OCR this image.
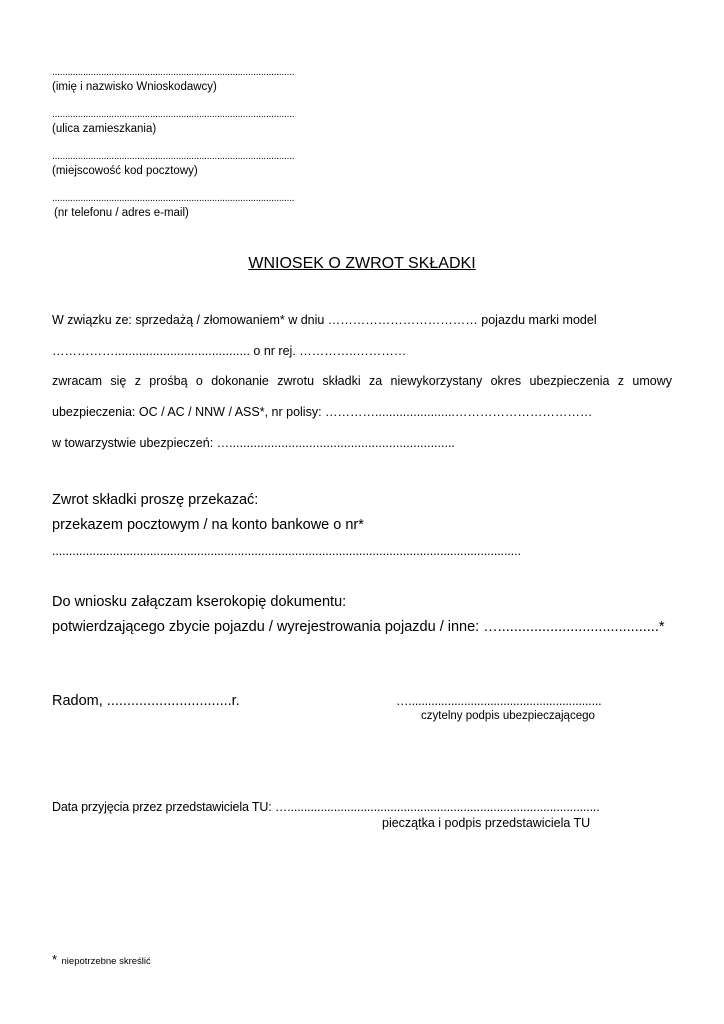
..............................................................................................
(imię i nazwisko Wnioskodawcy)
..............................................................................................
(ulica zamieszkania)
..............................................................................................
(miejscowość kod pocztowy)
..............................................................................................
(nr telefonu / adres e-mail)
WNIOSEK O ZWROT SKŁADKI
W związku ze: sprzedażą / złomowaniem* w dniu ……………………………… pojazdu marki model
……………....................................... o nr rej. …………..…………
zwracam się z prośbą o dokonanie zwrotu składki za niewykorzystany okres ubezpieczenia z umowy
ubezpieczenia: OC / AC / NNW / ASS*, nr polisy: ………….......................……………………………
w towarzystwie ubezpieczeń: ….................................................................
Zwrot składki proszę przekazać:
przekazem pocztowym / na konto bankowe o nr*
...........................................................................................................................................
Do wniosku załączam kserokopię dokumentu:
potwierdzającego zbycie pojazdu / wyrejestrowania pojazdu / inne: …........................................*
Radom, ...............................r.	…...........................................................
czytelny podpis ubezpieczającego
Data przyjęcia przez przedstawiciela TU: …..............................................................................................
pieczątka i podpis przedstawiciela TU
* niepotrzebne skreślić
